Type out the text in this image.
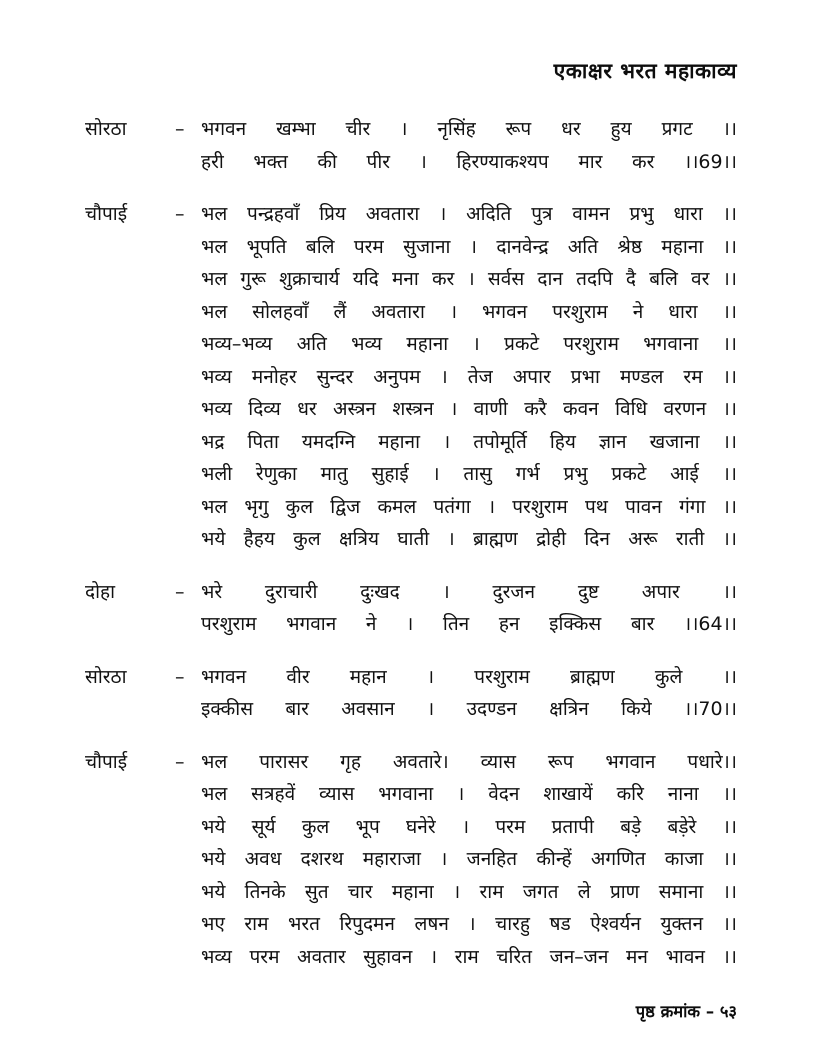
एकाक्षर भरत महाकाव्य
सोरठा	– भगवन खम्भा चीर । नृसिंह रूप धर हुय प्रगट ।।
हरी भक्त की पीर । हिरण्याकश्यप मार कर ।।69।।
चौपाई	– भल पन्द्रहवाँ प्रिय अवतारा । अदिति पुत्र वामन प्रभु धारा ।।
भल भूपति बलि परम सुजाना । दानवेन्द्र अति श्रेष्ठ महाना ।।
भल गुरू शुक्राचार्य यदि मना कर । सर्वस दान तदपि दै बलि वर ।।
भल सोलहवाँ लैं अवतारा । भगवन परशुराम ने धारा ।।
भव्य–भव्य अति भव्य महाना । प्रकटे परशुराम भगवाना ।।
भव्य मनोहर सुन्दर अनुपम । तेज अपार प्रभा मण्डल रम ।।
भव्य दिव्य धर अस्त्रन शस्त्रन । वाणी करै कवन विधि वरणन ।।
भद्र पिता यमदग्नि महाना । तपोमूर्ति हिय ज्ञान खजाना ।।
भली रेणुका मातु सुहाई । तासु गर्भ प्रभु प्रकटे आई ।।
भल भृगु कुल द्विज कमल पतंगा । परशुराम पथ पावन गंगा ।।
भये हैहय कुल क्षत्रिय घाती । ब्राह्मण द्रोही दिन अरू राती ।।
दोहा	– भरे दुराचारी दुःखद । दुरजन दुष्ट अपार ।।
परशुराम भगवान ने । तिन हन इक्किस बार ।।64।।
सोरठा	– भगवन वीर महान । परशुराम ब्राह्मण कुले ।।
इक्कीस बार अवसान । उदण्डन क्षत्रिन किये ।।70।।
चौपाई	– भल पारासर गृह अवतारे। व्यास रूप भगवान पधारे।।
भल सत्रहवें व्यास भगवाना । वेदन शाखायें करि नाना ।।
भये सूर्य कुल भूप घनेरे । परम प्रतापी बड़े बड़ेरे ।।
भये अवध दशरथ महाराजा । जनहित कीन्हें अगणित काजा ।।
भये तिनके सुत चार महाना । राम जगत ले प्राण समाना ।।
भए राम भरत रिपुदमन लषन । चारहु षड ऐश्वर्यन युक्तन ।।
भव्य परम अवतार सुहावन । राम चरित जन–जन मन भावन ।।
पृष्ठ क्रमांक – ५३
